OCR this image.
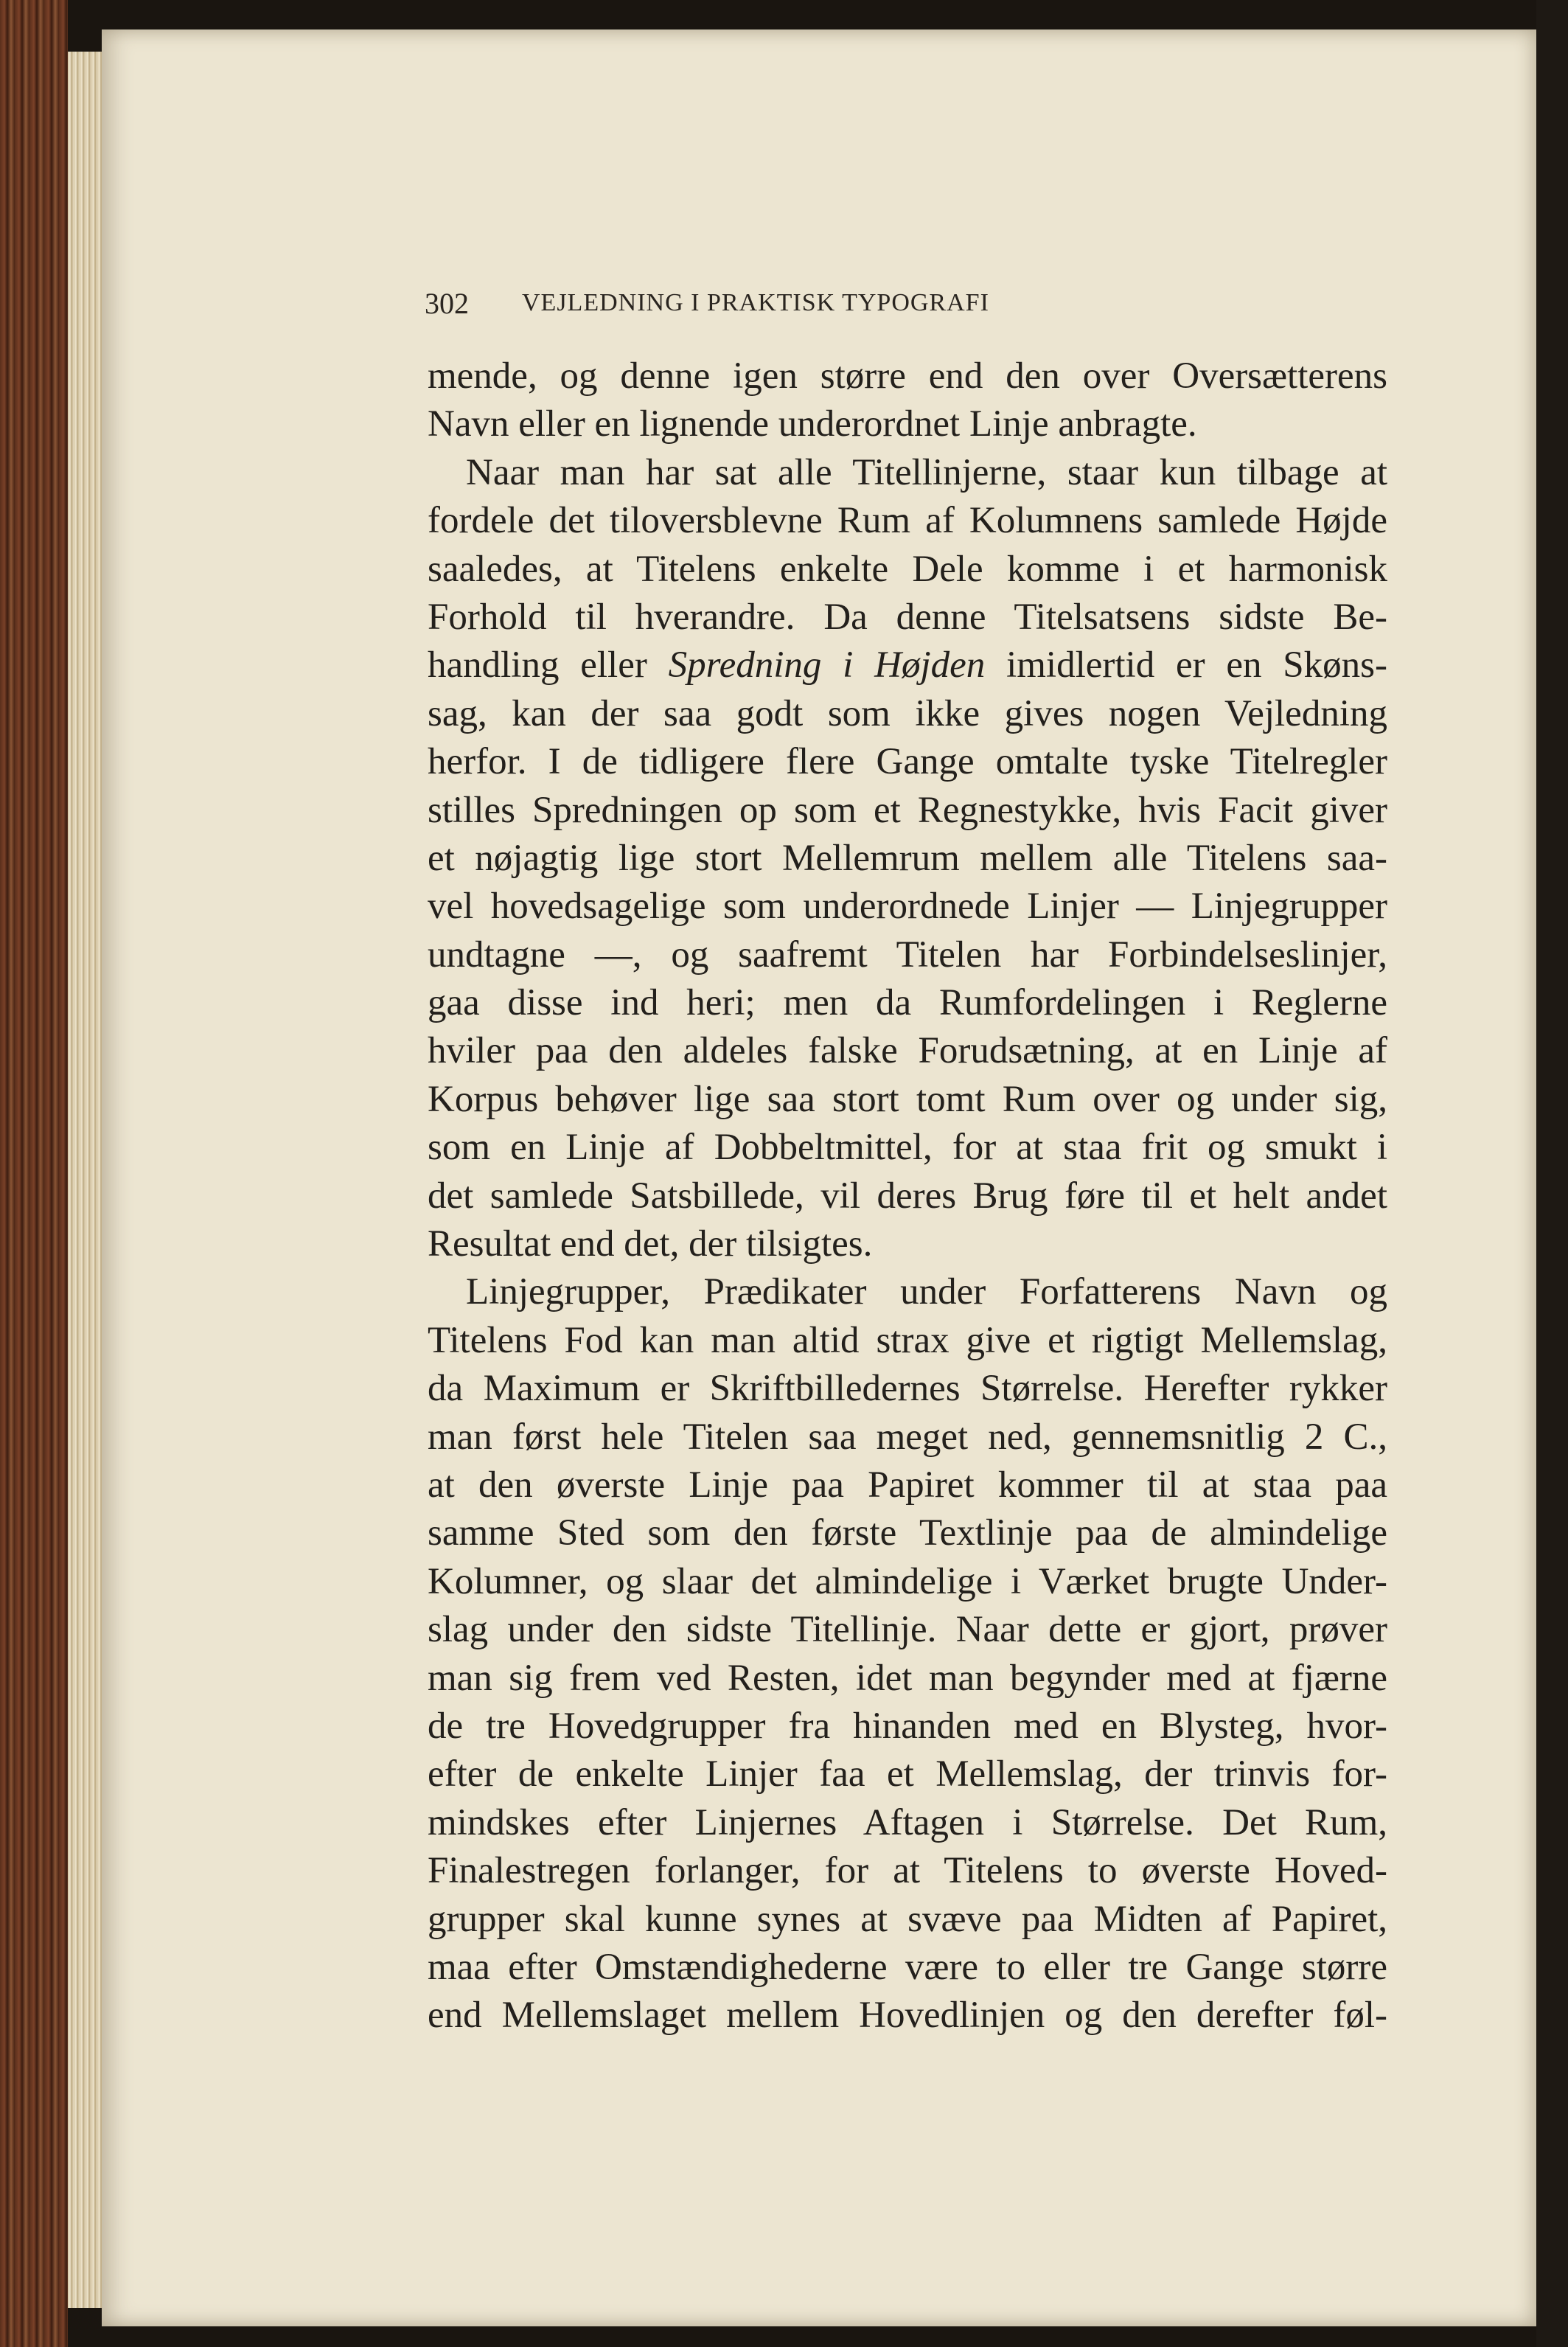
302 VEJLEDNING I PRAKTISK TYPOGRAFI
mende, og denne igen større end den over Oversætterens
Navn eller en lignende underordnet Linje anbragte.
Naar man har sat alle Titellinjerne, staar kun tilbage at
fordele det tiloversblevne Rum af Kolumnens samlede Højde
saaledes, at Titelens enkelte Dele komme i et harmonisk
Forhold til hverandre. Da denne Titelsatsens sidste Be-
handling eller Spredning i Højden imidlertid er en Skøns-
sag, kan der saa godt som ikke gives nogen Vejledning
herfor. I de tidligere flere Gange omtalte tyske Titelregler
stilles Spredningen op som et Regnestykke, hvis Facit giver
et nøjagtig lige stort Mellemrum mellem alle Titelens saa-
vel hovedsagelige som underordnede Linjer — Linjegrupper
undtagne —, og saafremt Titelen har Forbindelseslinjer,
gaa disse ind heri; men da Rumfordelingen i Reglerne
hviler paa den aldeles falske Forudsætning, at en Linje af
Korpus behøver lige saa stort tomt Rum over og under sig,
som en Linje af Dobbeltmittel, for at staa frit og smukt i
det samlede Satsbillede, vil deres Brug føre til et helt andet
Resultat end det, der tilsigtes.
Linjegrupper, Prædikater under Forfatterens Navn og
Titelens Fod kan man altid strax give et rigtigt Mellemslag,
da Maximum er Skriftbilledernes Størrelse. Herefter rykker
man først hele Titelen saa meget ned, gennemsnitlig 2 C.,
at den øverste Linje paa Papiret kommer til at staa paa
samme Sted som den første Textlinje paa de almindelige
Kolumner, og slaar det almindelige i Værket brugte Under-
slag under den sidste Titellinje. Naar dette er gjort, prøver
man sig frem ved Resten, idet man begynder med at fjærne
de tre Hovedgrupper fra hinanden med en Blysteg, hvor-
efter de enkelte Linjer faa et Mellemslag, der trinvis for-
mindskes efter Linjernes Aftagen i Størrelse. Det Rum,
Finalestregen forlanger, for at Titelens to øverste Hoved-
grupper skal kunne synes at svæve paa Midten af Papiret,
maa efter Omstændighederne være to eller tre Gange større
end Mellemslaget mellem Hovedlinjen og den derefter føl-
